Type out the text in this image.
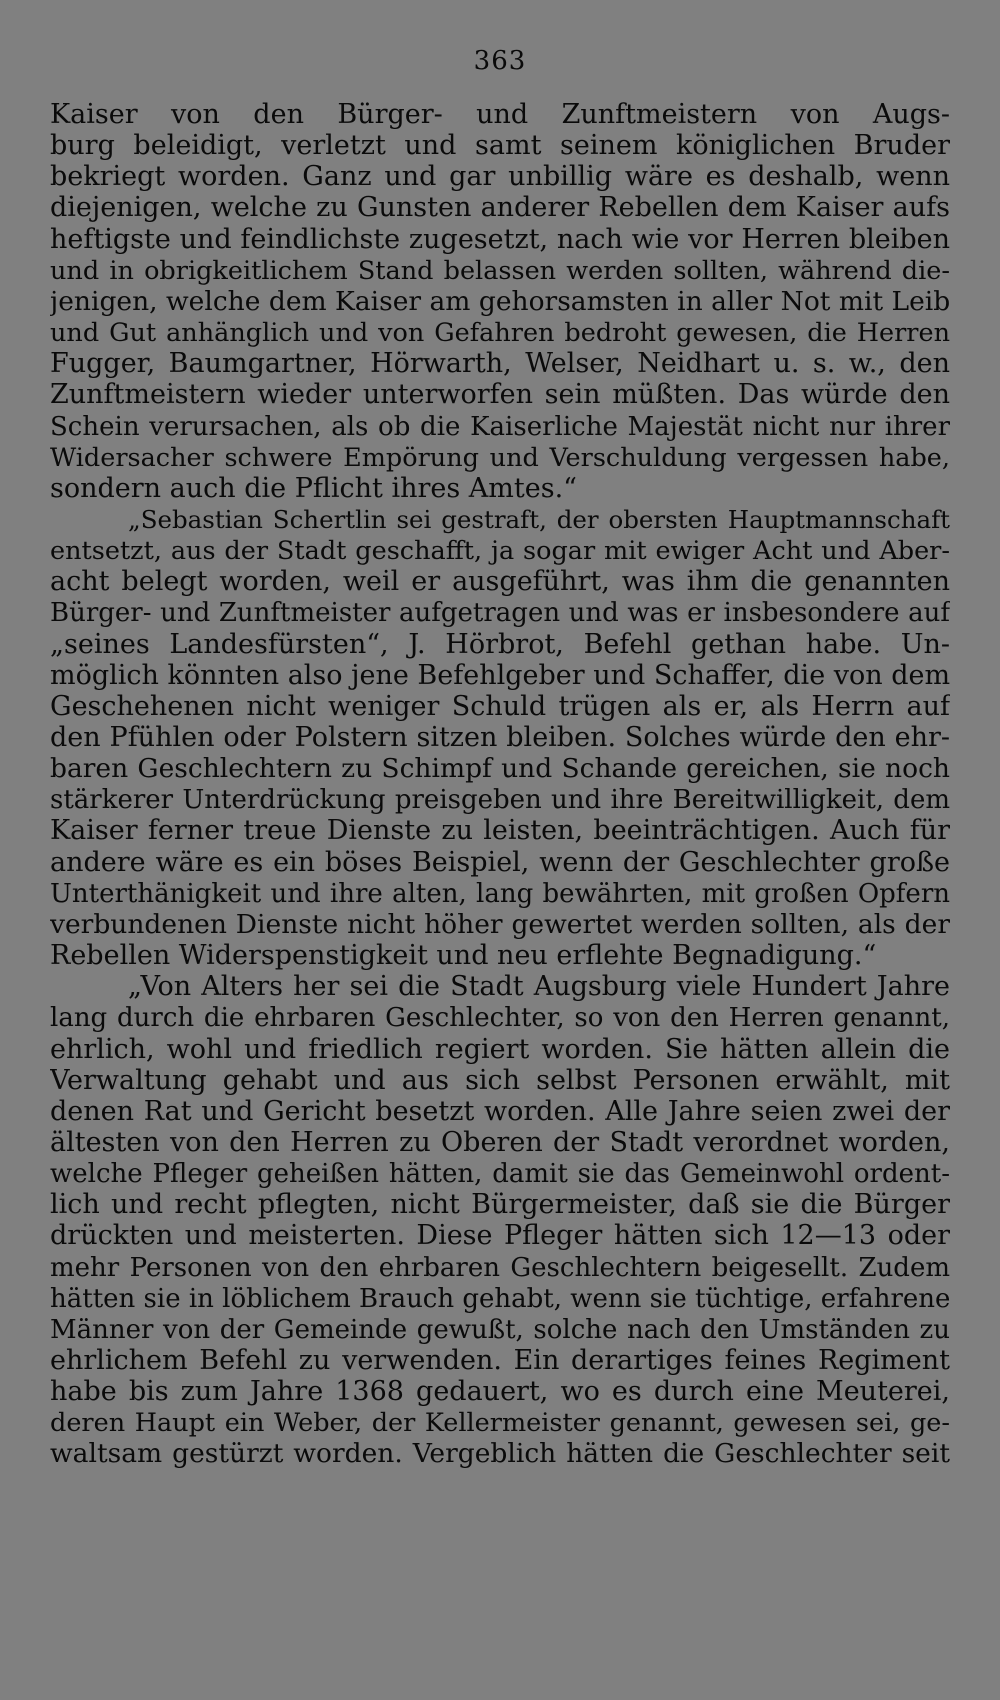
363
Kaiser von den Bürger- und Zunftmeistern von Augs-
burg beleidigt, verletzt und samt seinem königlichen Bruder
bekriegt worden. Ganz und gar unbillig wäre es deshalb, wenn
diejenigen, welche zu Gunsten anderer Rebellen dem Kaiser aufs
heftigste und feindlichste zugesetzt, nach wie vor Herren bleiben
und in obrigkeitlichem Stand belassen werden sollten, während die-
jenigen, welche dem Kaiser am gehorsamsten in aller Not mit Leib
und Gut anhänglich und von Gefahren bedroht gewesen, die Herren
Fugger, Baumgartner, Hörwarth, Welser, Neidhart u. s. w., den
Zunftmeistern wieder unterworfen sein müßten. Das würde den
Schein verursachen, als ob die Kaiserliche Majestät nicht nur ihrer
Widersacher schwere Empörung und Verschuldung vergessen habe,
sondern auch die Pflicht ihres Amtes.“
„Sebastian Schertlin sei gestraft, der obersten Hauptmannschaft
entsetzt, aus der Stadt geschafft, ja sogar mit ewiger Acht und Aber-
acht belegt worden, weil er ausgeführt, was ihm die genannten
Bürger- und Zunftmeister aufgetragen und was er insbesondere auf
„seines Landesfürsten“, J. Hörbrot, Befehl gethan habe. Un-
möglich könnten also jene Befehlgeber und Schaffer, die von dem
Geschehenen nicht weniger Schuld trügen als er, als Herrn auf
den Pfühlen oder Polstern sitzen bleiben. Solches würde den ehr-
baren Geschlechtern zu Schimpf und Schande gereichen, sie noch
stärkerer Unterdrückung preisgeben und ihre Bereitwilligkeit, dem
Kaiser ferner treue Dienste zu leisten, beeinträchtigen. Auch für
andere wäre es ein böses Beispiel, wenn der Geschlechter große
Unterthänigkeit und ihre alten, lang bewährten, mit großen Opfern
verbundenen Dienste nicht höher gewertet werden sollten, als der
Rebellen Widerspenstigkeit und neu erflehte Begnadigung.“
„Von Alters her sei die Stadt Augsburg viele Hundert Jahre
lang durch die ehrbaren Geschlechter, so von den Herren genannt,
ehrlich, wohl und friedlich regiert worden. Sie hätten allein die
Verwaltung gehabt und aus sich selbst Personen erwählt, mit
denen Rat und Gericht besetzt worden. Alle Jahre seien zwei der
ältesten von den Herren zu Oberen der Stadt verordnet worden,
welche Pfleger geheißen hätten, damit sie das Gemeinwohl ordent-
lich und recht pflegten, nicht Bürgermeister, daß sie die Bürger
drückten und meisterten. Diese Pfleger hätten sich 12—13 oder
mehr Personen von den ehrbaren Geschlechtern beigesellt. Zudem
hätten sie in löblichem Brauch gehabt, wenn sie tüchtige, erfahrene
Männer von der Gemeinde gewußt, solche nach den Umständen zu
ehrlichem Befehl zu verwenden. Ein derartiges feines Regiment
habe bis zum Jahre 1368 gedauert, wo es durch eine Meuterei,
deren Haupt ein Weber, der Kellermeister genannt, gewesen sei, ge-
waltsam gestürzt worden. Vergeblich hätten die Geschlechter seit
